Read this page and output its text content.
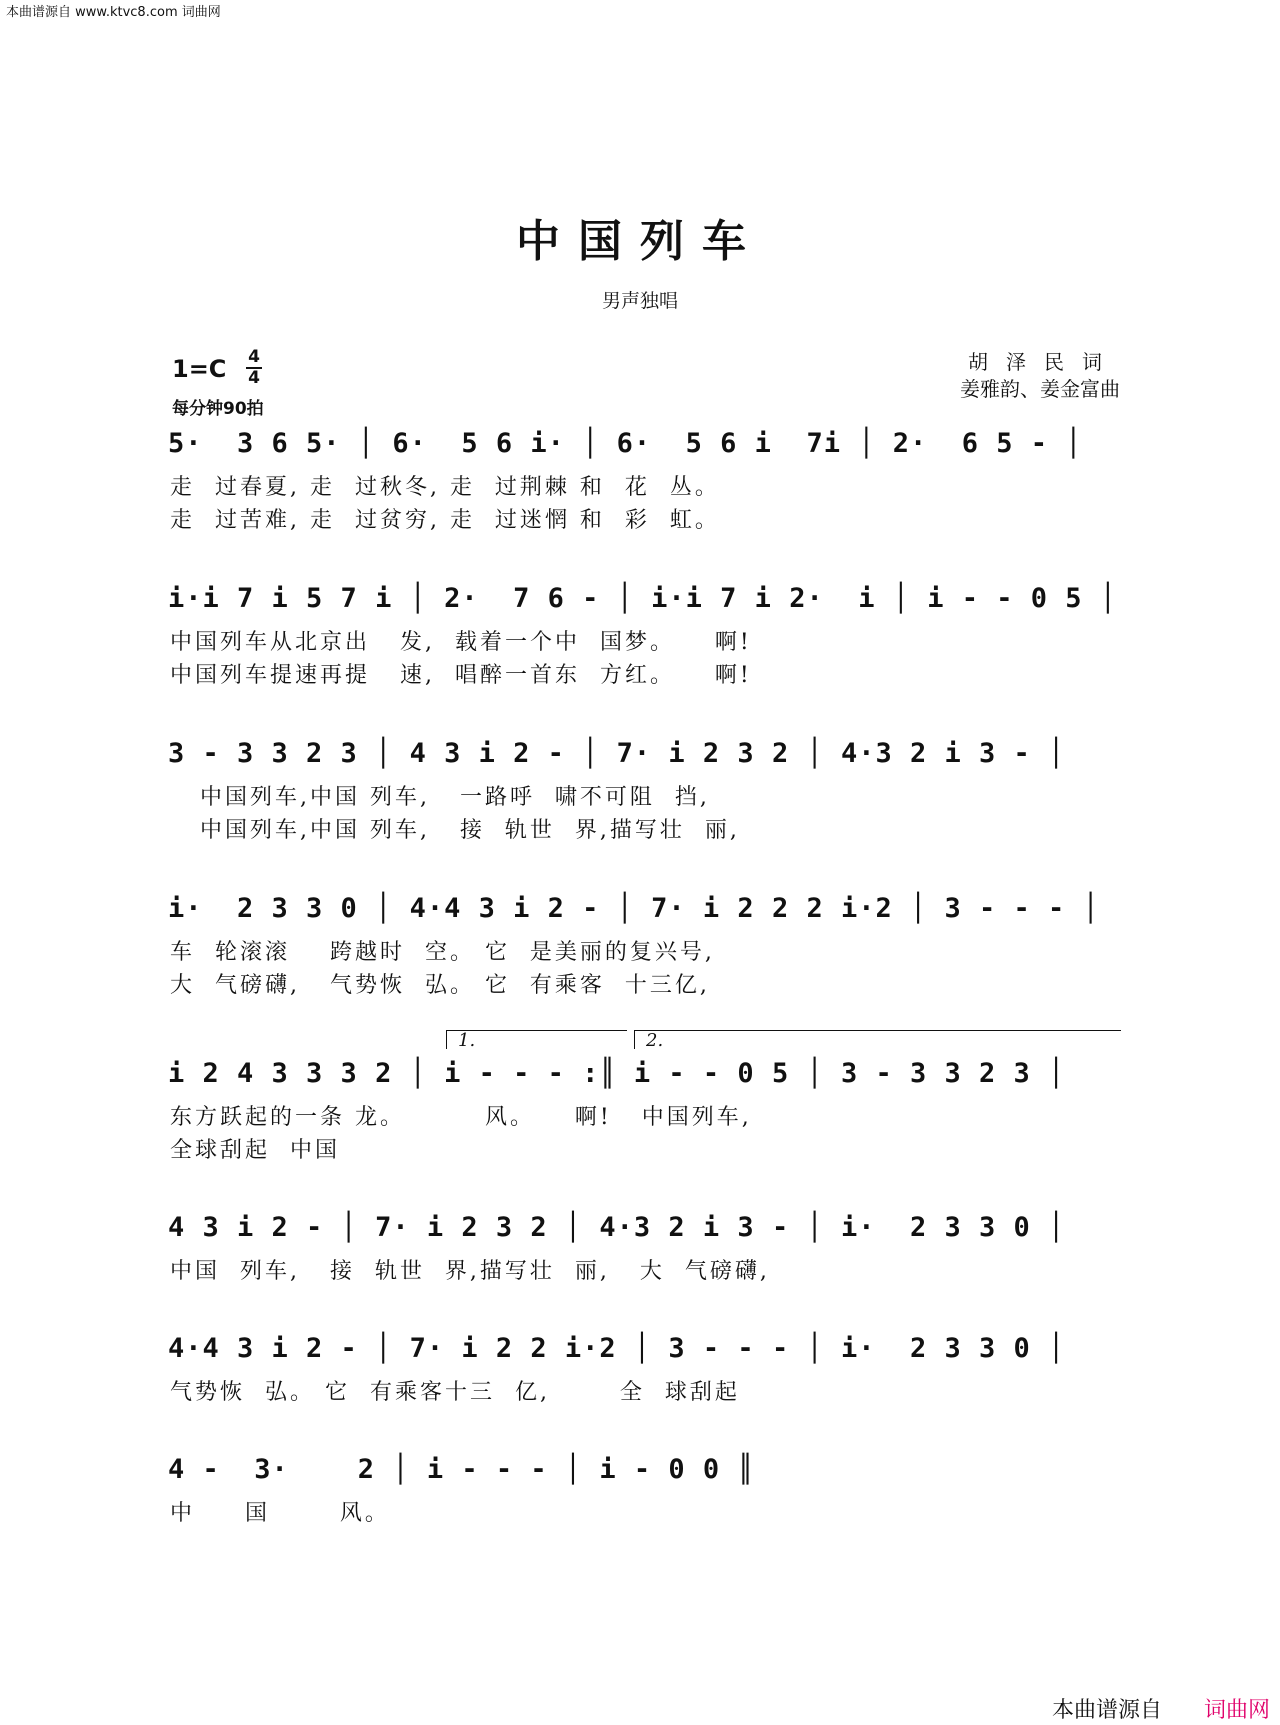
本曲谱源自 www.ktvc8.com 词曲网
中国列车
男声独唱
1=C 4
4
每分钟90拍
胡泽民词
姜雅韵、姜金富曲
5·  3 6 5· │ 6·  5 6 i· │ 6·  5 6 i  7i │ 2·  6 5 - │
走  过春夏, 走  过秋冬, 走  过荆棘 和  花  丛。
走  过苦难, 走  过贫穷, 走  过迷惘 和  彩  虹。
i·i 7 i 5 7 i │ 2·  7 6 - │ i·i 7 i 2·  i │ i - - 0 5 │
中国列车从北京出   发,  载着一个中  国梦。    啊!
中国列车提速再提   速,  唱醉一首东  方红。    啊!
3 - 3 3 2 3 │ 4 3 i 2 - │ 7· i 2 3 2 │ 4·3 2 i 3 - │
中国列车,中国 列车,   一路呼  啸不可阻  挡,
中国列车,中国 列车,   接  轨世  界,描写壮  丽,
i·  2 3 3 0 │ 4·4 3 i 2 - │ 7· i 2 2 2 i·2 │ 3 - - - │
车  轮滚滚    跨越时  空。 它  是美丽的复兴号,
大  气磅礴,   气势恢  弘。 它  有乘客  十三亿,
1.	2.
i 2 4 3 3 3 2 │ i - - - :║ i - - 0 5 │ 3 - 3 3 2 3 │
东方跃起的一条 龙。        风。    啊!   中国列车,
全球刮起  中国
4 3 i 2 - │ 7· i 2 3 2 │ 4·3 2 i 3 - │ i·  2 3 3 0 │
中国  列车,   接  轨世  界,描写壮  丽,   大  气磅礴,
4·4 3 i 2 - │ 7· i 2 2 i·2 │ 3 - - - │ i·  2 3 3 0 │
气势恢  弘。 它  有乘客十三  亿,       全  球刮起
4 -  3·    2 │ i - - - │ i - 0 0 ║
中     国       风。
本曲谱源自 词曲网
